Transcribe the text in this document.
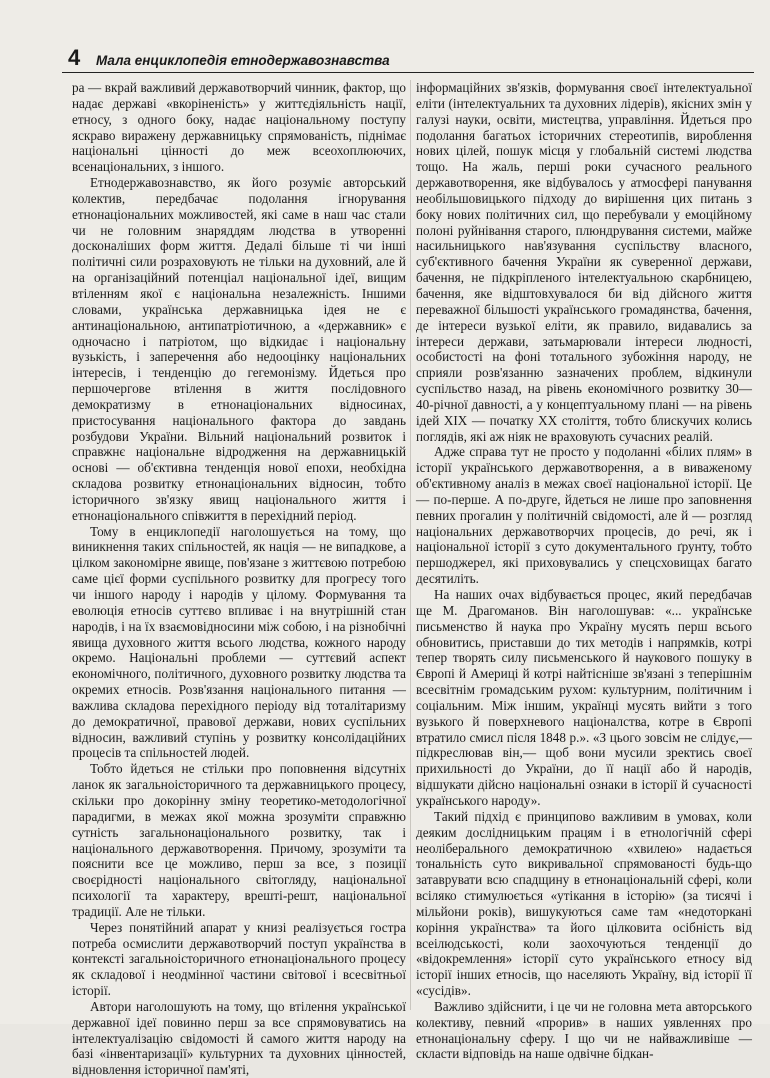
4 Мала енциклопедія етнодержавознавства

ра — вкрай важливий державотворчий чинник, фактор, що надає державі «вкоріненість» у життєдіяльність нації, етносу, з одного боку, надає національному поступу яскраво виражену державницьку спрямованість, піднімає національні цінності до меж всеохоплюючих, всенаціональних, з іншого.

Етнодержавознавство, як його розуміє авторський колектив, передбачає подолання ігнорування етнонаціональних можливостей, які саме в наш час стали чи не головним знаряддям людства в утворенні досконаліших форм життя. Дедалі більше ті чи інші політичні сили розраховують не тільки на духовний, але й на організаційний потенціал національної ідеї, вищим втіленням якої є національна незалежність. Іншими словами, українська державницька ідея не є антинаціональною, антипатріотичною, а «державник» є одночасно і патріотом, що відкидає і національну вузькість, і заперечення або недооцінку національних інтересів, і тенденцію до гегемонізму. Йдеться про першочергове втілення в життя послідовного демократизму в етнонаціональних відносинах, пристосування національного фактора до завдань розбудови України. Вільний національний розвиток і справжнє національне відродження на державницькій основі — об'єктивна тенденція нової епохи, необхідна складова розвитку етнонаціональних відносин, тобто історичного зв'язку явищ національного життя і етнонаціонального співжиття в перехідний період.

Тому в енциклопедії наголошується на тому, що виникнення таких спільностей, як нація — не випадкове, а цілком закономірне явище, пов'язане з життєвою потребою саме цієї форми суспільного розвитку для прогресу того чи іншого народу і народів у цілому. Формування та еволюція етносів суттєво впливає і на внутрішній стан народів, і на їх взаємовідносини між собою, і на різнобічні явища духовного життя всього людства, кожного народу окремо. Національні проблеми — суттєвий аспект економічного, політичного, духовного розвитку людства та окремих етносів. Розв'язання національного питання — важлива складова перехідного періоду від тоталітаризму до демократичної, правової держави, нових суспільних відносин, важливий ступінь у розвитку консолідаційних процесів та спільностей людей.

Тобто йдеться не стільки про поповнення відсутніх ланок як загальноісторичного та державницького процесу, скільки про докорінну зміну теоретико-методологічної парадигми, в межах якої можна зрозуміти справжню сутність загальнонаціонального розвитку, так і національного державотворення. Причому, зрозуміти та пояснити все це можливо, перш за все, з позиції своєрідності національного світогляду, національної психології та характеру, врешті-решт, національної традиції. Але не тільки.

Через понятійний апарат у книзі реалізується гостра потреба осмислити державотворчий поступ українства в контексті загальноісторичного етнонаціонального процесу як складової і неодмінної частини світової і всесвітньої історії.

Автори наголошують на тому, що втілення української державної ідеї повинно перш за все спрямовуватись на інтелектуалізацію свідомості й самого життя народу на базі «інвентаризації» культурних та духовних цінностей, відновлення історичної пам'яті,

інформаційних зв'язків, формування своєї інтелектуальної еліти (інтелектуальних та духовних лідерів), якісних змін у галузі науки, освіти, мистецтва, управління. Йдеться про подолання багатьох історичних стереотипів, вироблення нових цілей, пошук місця у глобальній системі людства тощо. На жаль, перші роки сучасного реального державотворення, яке відбувалось у атмосфері панування необільшовицького підходу до вирішення цих питань з боку нових політичних сил, що перебували у емоційному полоні руйнівання старого, плюндрування системи, майже насильницького нав'язування суспільству власного, суб'єктивного бачення України як суверенної держави, бачення, не підкріпленого інтелектуальною скарбницею, бачення, яке відштовхувалося би від дійсного життя переважної більшості українського громадянства, бачення, де інтереси вузької еліти, як правило, видавались за інтереси держави, затьмарювали інтереси людності, особистості на фоні тотального зубожіння народу, не сприяли розв'язанню зазначених проблем, відкинули суспільство назад, на рівень економічного розвитку 30—40-річної давності, а у концептуальному плані — на рівень ідей XIX — початку XX століття, тобто блискучих колись поглядів, які аж ніяк не враховують сучасних реалій.

Адже справа тут не просто у подоланні «білих плям» в історії українського державотворення, а в виваженому об'єктивному аналіз в межах своєї національної історії. Це — по-перше. А по-друге, йдеться не лише про заповнення певних прогалин у політичній свідомості, але й — розгляд національних державотворчих процесів, до речі, як і національної історії з суто документального ґрунту, тобто першоджерел, які приховувались у спецсховищах багато десятиліть.

На наших очах відбувається процес, який передбачав ще М. Драгоманов. Він наголошував: «... українське письменство й наука про Україну мусять перш всього обновитись, приставши до тих методів і напрямків, котрі тепер творять силу письменського й наукового пошуку в Європі й Америці й котрі найтісніше зв'язані з теперішнім всесвітнім громадським рухом: культурним, політичним і соціальним. Між іншим, українці мусять вийти з того вузького й поверхневого націоналства, котре в Європі втратило смисл після 1848 р.». «З цього зовсім не слідує,— підкреслював він,— щоб вони мусили зректись своєї прихильності до України, до її нації або й народів, відшукати дійсно національні ознаки в історії й сучасності українського народу».

Такий підхід є принципово важливим в умовах, коли деяким дослідницьким працям і в етнологічній сфері неоліберального демократичною «хвилею» надається тональність суто викривальної спрямованості будь-що затаврувати всю спадщину в етнонаціональній сфері, коли всіляко стимулюється «утікання в історію» (за тисячі і мільйони років), вишукуються саме там «недоторкані коріння українства» та його цілковита осібність від всеілюдськості, коли заохочуються тенденції до «відокремлення» історії суто українського етносу від історії інших етносів, що населяють Україну, від історії її «сусідів».

Важливо здійснити, і це чи не головна мета авторського колективу, певний «прорив» в наших уявленнях про етнонаціональну сферу. І що чи не найважливіше — скласти відповідь на наше одвічне бідкан-
